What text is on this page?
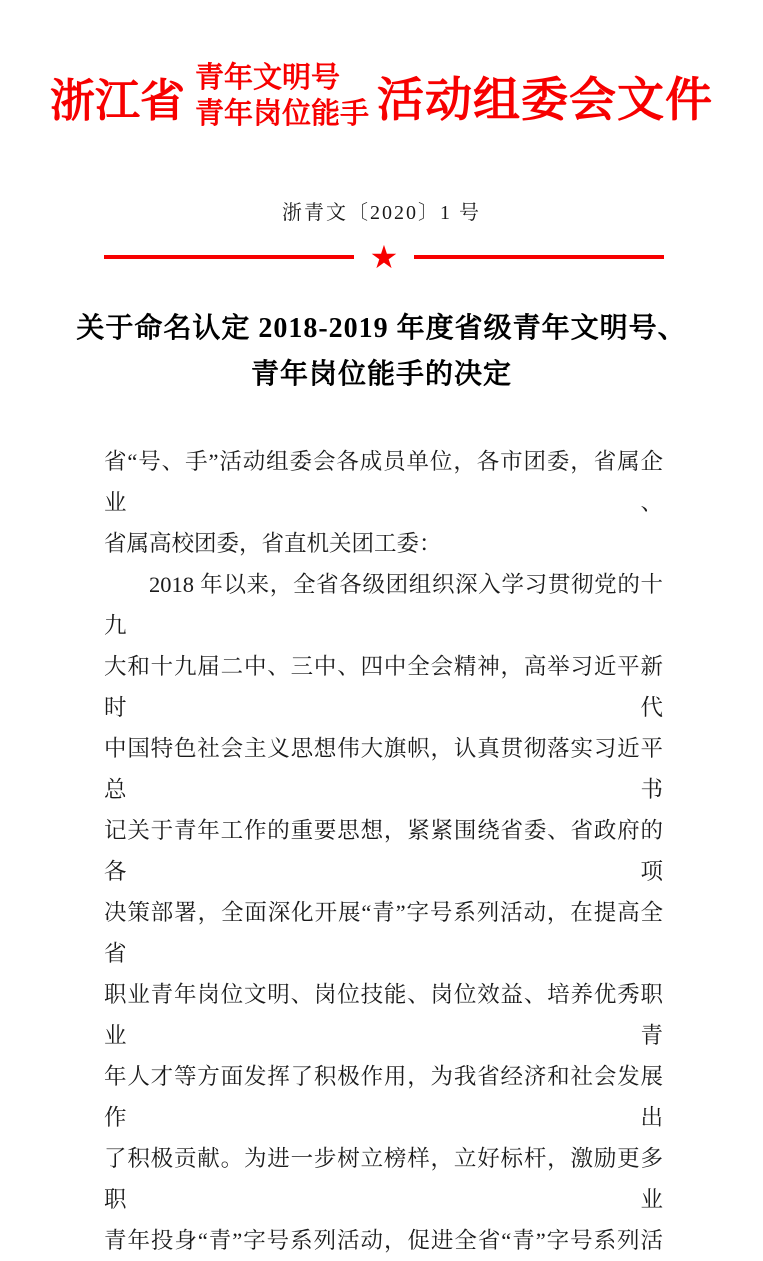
浙江省 青年文明号
青年岗位能手 活动组委会文件
浙青文〔2020〕1 号
★
关于命名认定 2018-2019 年度省级青年文明号、
青年岗位能手的决定
省“号、手”活动组委会各成员单位，各市团委，省属企业、
省属高校团委，省直机关团工委：
2018 年以来，全省各级团组织深入学习贯彻党的十九
大和十九届二中、三中、四中全会精神，高举习近平新时代
中国特色社会主义思想伟大旗帜，认真贯彻落实习近平总书
记关于青年工作的重要思想，紧紧围绕省委、省政府的各项
决策部署，全面深化开展“青”字号系列活动，在提高全省
职业青年岗位文明、岗位技能、岗位效益、培养优秀职业青
年人才等方面发挥了积极作用，为我省经济和社会发展作出
了积极贡献。为进一步树立榜样，立好标杆，激励更多职业
青年投身“青”字号系列活动，促进全省“青”字号系列活
